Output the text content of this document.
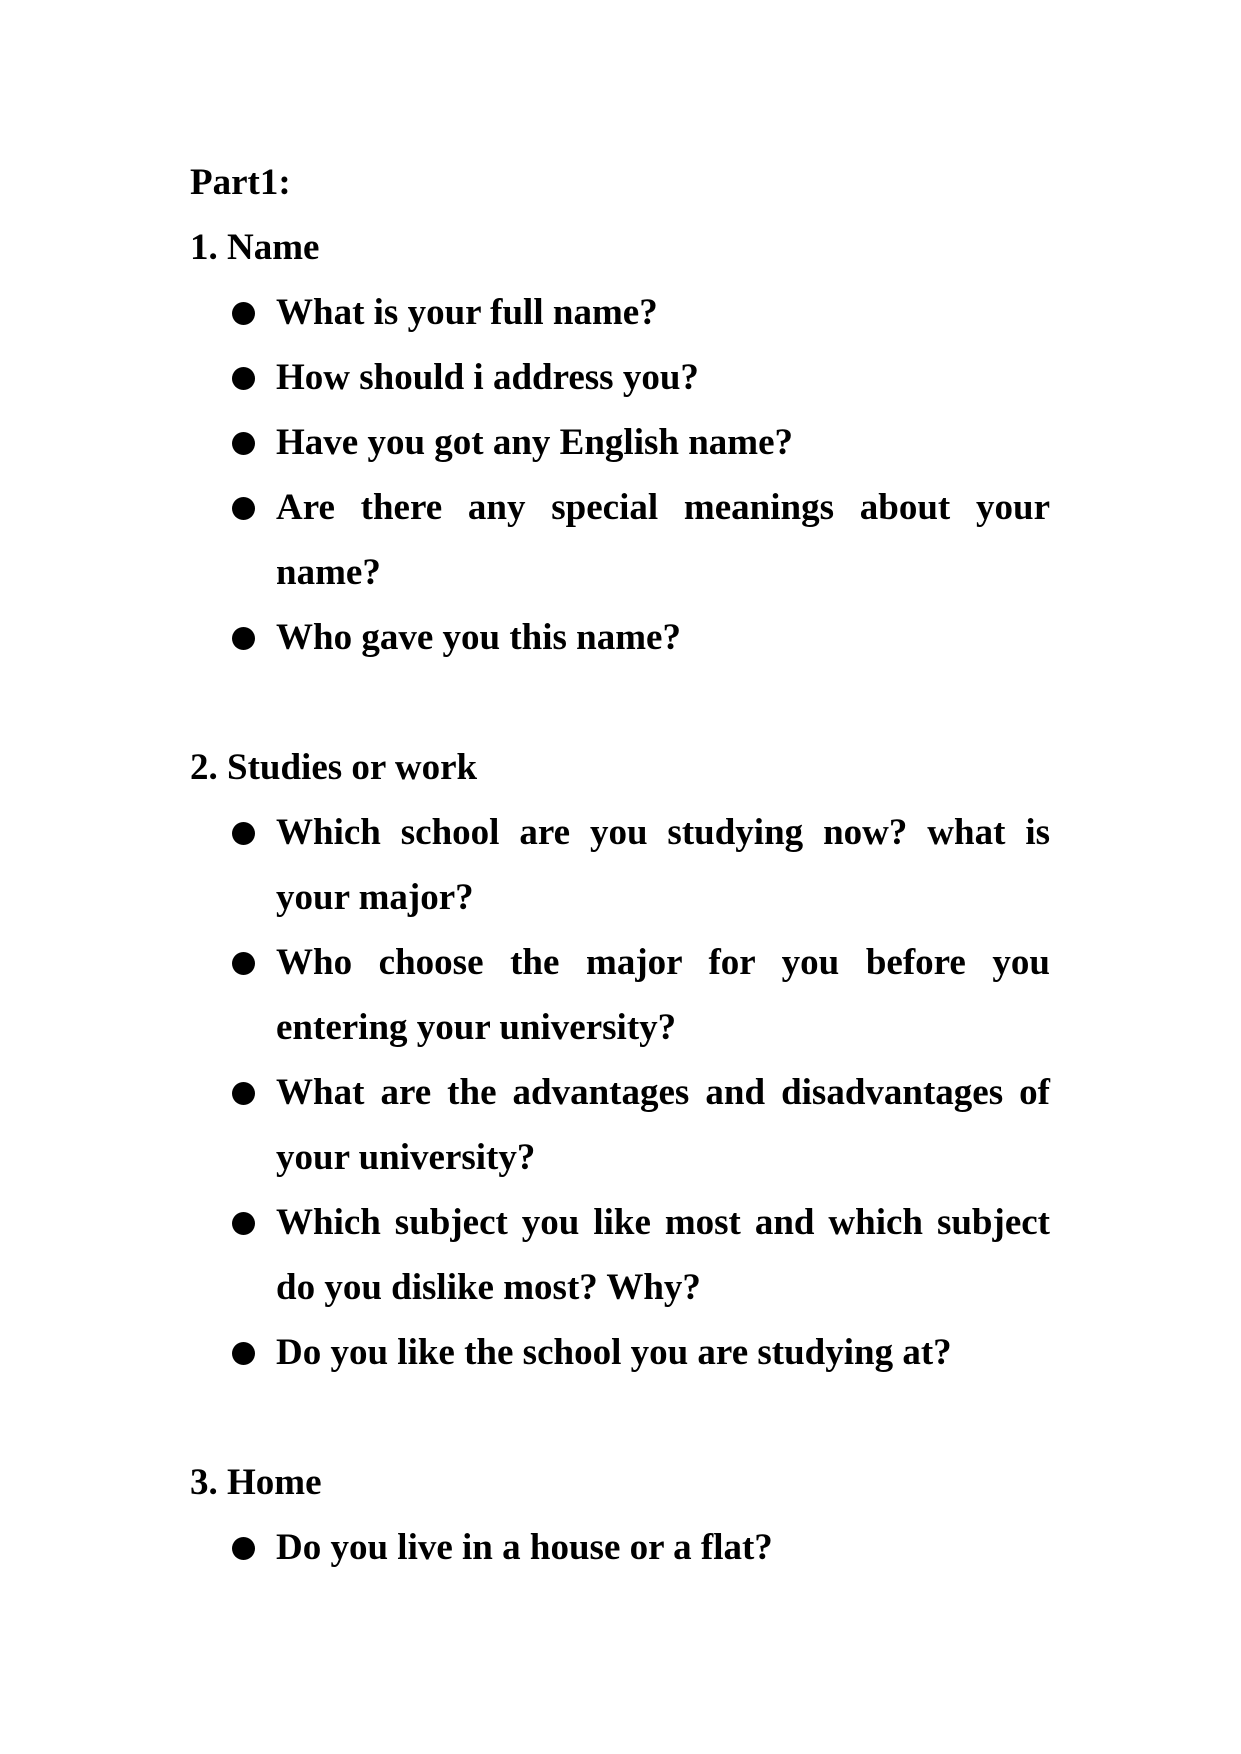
Part1:

1. Name

What is your full name?
How should i address you?
Have you got any English name?
Are there any special meanings about your name?
Who gave you this name?

2. Studies or work

Which school are you studying now? what is your major?
Who choose the major for you before you entering your university?
What are the advantages and disadvantages of your university?
Which subject you like most and which subject do you dislike most? Why?
Do you like the school you are studying at?

3. Home

Do you live in a house or a flat?
